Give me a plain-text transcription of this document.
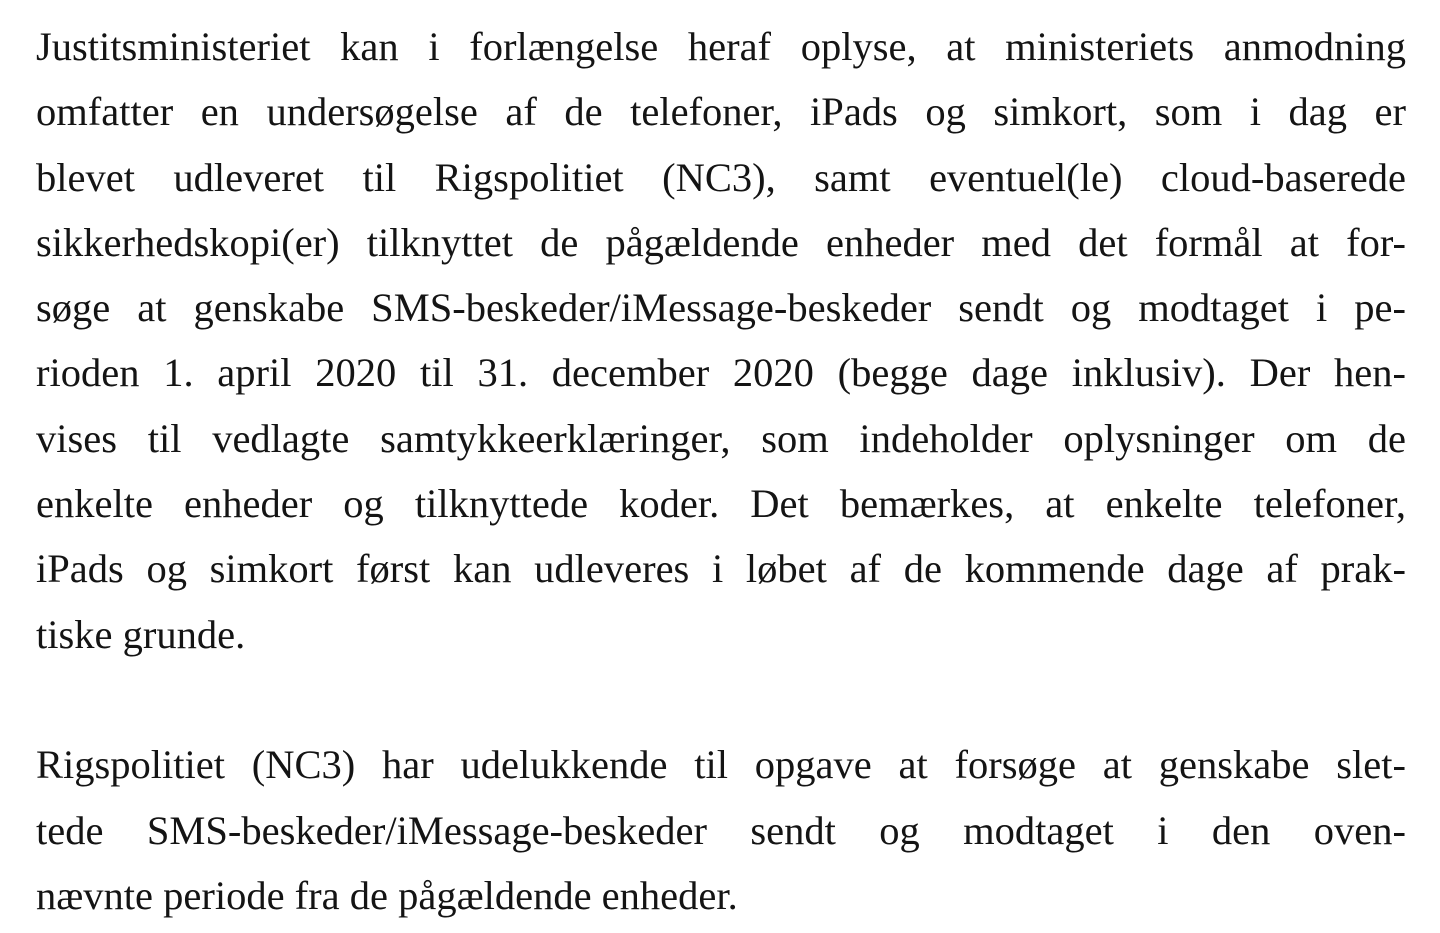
Justitsministeriet kan i forlængelse heraf oplyse, at ministeriets anmodning
omfatter en undersøgelse af de telefoner, iPads og simkort, som i dag er
blevet udleveret til Rigspolitiet (NC3), samt eventuel(le) cloud-baserede
sikkerhedskopi(er) tilknyttet de pågældende enheder med det formål at for-
søge at genskabe SMS-beskeder/iMessage-beskeder sendt og modtaget i pe-
rioden 1. april 2020 til 31. december 2020 (begge dage inklusiv). Der hen-
vises til vedlagte samtykkeerklæringer, som indeholder oplysninger om de
enkelte enheder og tilknyttede koder. Det bemærkes, at enkelte telefoner,
iPads og simkort først kan udleveres i løbet af de kommende dage af prak-
tiske grunde.
Rigspolitiet (NC3) har udelukkende til opgave at forsøge at genskabe slet-
tede SMS-beskeder/iMessage-beskeder sendt og modtaget i den oven-
nævnte periode fra de pågældende enheder.
